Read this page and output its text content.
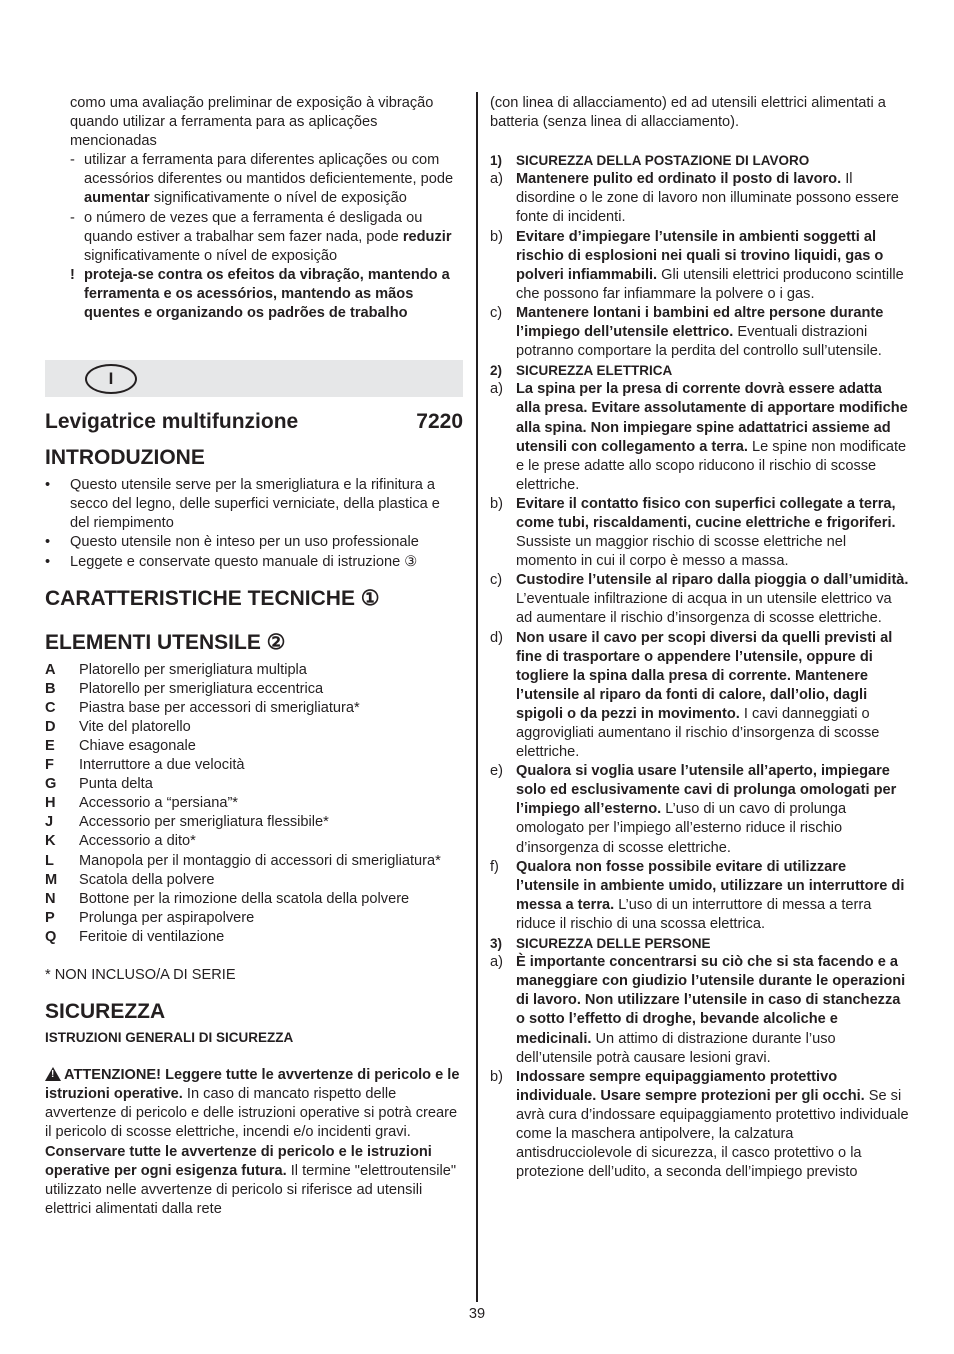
como uma avaliação preliminar de exposição à vibração quando utilizar a ferramenta para as aplicações mencionadas

- utilizar a ferramenta para diferentes aplicações ou com acessórios diferentes ou mantidos deficientemente, pode aumentar significativamente o nível de exposição
- o número de vezes que a ferramenta é desligada ou quando estiver a trabalhar sem fazer nada, pode reduzir significativamente o nível de exposição
! proteja-se contra os efeitos da vibração, mantendo a ferramenta e os acessórios, mantendo as mãos quentes e organizando os padrões de trabalho
I
Levigatrice multifunzione	7220
INTRODUZIONE
•	Questo utensile serve per la smerigliatura e la rifinitura a secco del legno, delle superfici verniciate, della plastica e del riempimento
•	Questo utensile non è inteso per un uso professionale
•	Leggete e conservate questo manuale di istruzione ③
CARATTERISTICHE TECNICHE ①
ELEMENTI UTENSILE ②
A	Platorello per smerigliatura multipla
B	Platorello per smerigliatura eccentrica
C	Piastra base per accessori di smerigliatura*
D	Vite del platorello
E	Chiave esagonale
F	Interruttore a due velocità
G	Punta delta
H	Accessorio a “persiana”*
J	Accessorio per smerigliatura flessibile*
K	Accessorio a dito*
L	Manopola per il montaggio di accessori di smerigliatura*
M	Scatola della polvere
N	Bottone per la rimozione della scatola della polvere
P	Prolunga per aspirapolvere
Q	Feritoie di ventilazione

* NON INCLUSO/A DI SERIE

SICUREZZA
ISTRUZIONI GENERALI DI SICUREZZA

!ATTENZIONE! Leggere tutte le avvertenze di pericolo e le istruzioni operative. In caso di mancato rispetto delle avvertenze di pericolo e delle istruzioni operative si potrà creare il pericolo di scosse elettriche, incendi e/o incidenti gravi. Conservare tutte le avvertenze di pericolo e le istruzioni operative per ogni esigenza futura. Il termine "elettroutensile" utilizzato nelle avvertenze di pericolo si riferisce ad utensili elettrici alimentati dalla rete

(con linea di allacciamento) ed ad utensili elettrici alimentati a batteria (senza linea di allacciamento).

1)	SICUREZZA DELLA POSTAZIONE DI LAVORO
a) Mantenere pulito ed ordinato il posto di lavoro. Il disordine o le zone di lavoro non illuminate possono essere fonte di incidenti.
b) Evitare d’impiegare l’utensile in ambienti soggetti al rischio di esplosioni nei quali si trovino liquidi, gas o polveri infiammabili. Gli utensili elettrici producono scintille che possono far infiammare la polvere o i gas.
c) Mantenere lontani i bambini ed altre persone durante l’impiego dell’utensile elettrico. Eventuali distrazioni potranno comportare la perdita del controllo sull’utensile.
2)	SICUREZZA ELETTRICA
a) La spina per la presa di corrente dovrà essere adatta alla presa. Evitare assolutamente di apportare modifiche alla spina. Non impiegare spine adattatrici assieme ad utensili con collegamento a terra. Le spine non modificate e le prese adatte allo scopo riducono il rischio di scosse elettriche.
b) Evitare il contatto fisico con superfici collegate a terra, come tubi, riscaldamenti, cucine elettriche e frigoriferi. Sussiste un maggior rischio di scosse elettriche nel momento in cui il corpo è messo a massa.
c) Custodire l’utensile al riparo dalla pioggia o dall’umidità. L’eventuale infiltrazione di acqua in un utensile elettrico va ad aumentare il rischio d’insorgenza di scosse elettriche.
d) Non usare il cavo per scopi diversi da quelli previsti al fine di trasportare o appendere l’utensile, oppure di togliere la spina dalla presa di corrente. Mantenere l’utensile al riparo da fonti di calore, dall’olio, dagli spigoli o da pezzi in movimento. I cavi danneggiati o aggrovigliati aumentano il rischio d’insorgenza di scosse elettriche.
e) Qualora si voglia usare l’utensile all’aperto, impiegare solo ed esclusivamente cavi di prolunga omologati per l’impiego all’esterno. L’uso di un cavo di prolunga omologato per l’impiego all’esterno riduce il rischio d’insorgenza di scosse elettriche.
f)	Qualora non fosse possibile evitare di utilizzare l’utensile in ambiente umido, utilizzare un interruttore di messa a terra. L’uso di un interruttore di messa a terra riduce il rischio di una scossa elettrica.
3)	SICUREZZA DELLE PERSONE
a) È importante concentrarsi su ciò che si sta facendo e a maneggiare con giudizio l’utensile durante le operazioni di lavoro. Non utilizzare l’utensile in caso di stanchezza o sotto l’effetto di droghe, bevande alcoliche e medicinali. Un attimo di distrazione durante l’uso dell’utensile potrà causare lesioni gravi.
b) Indossare sempre equipaggiamento protettivo individuale. Usare sempre protezioni per gli occhi. Se si avrà cura d’indossare equipaggiamento protettivo individuale come la maschera antipolvere, la calzatura antisdrucciolevole di sicurezza, il casco protettivo o la protezione dell’udito, a seconda dell’impiego previsto
39
